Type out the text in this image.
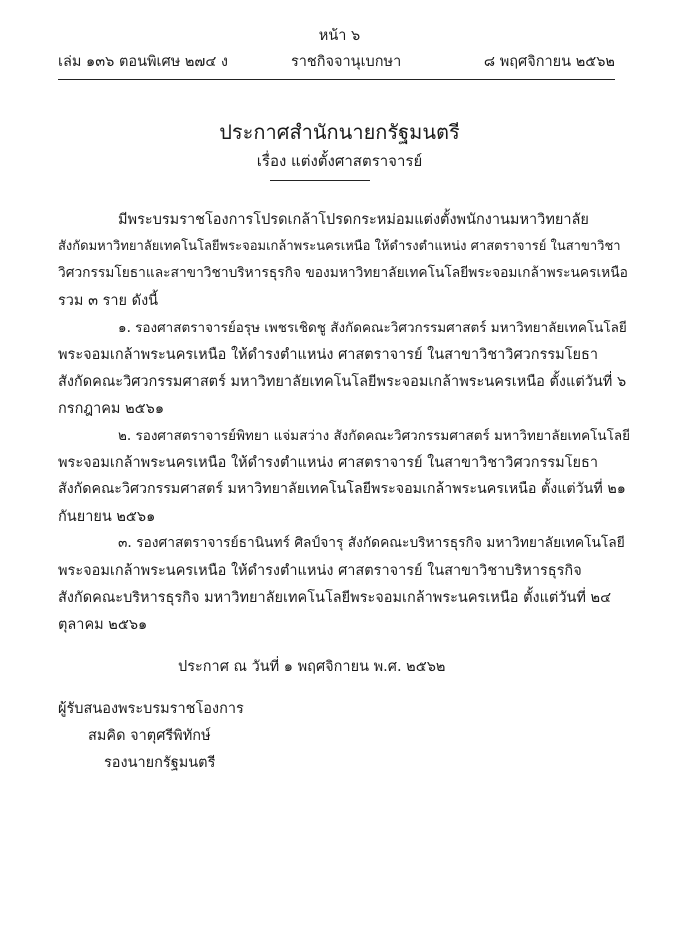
หน้า ๖
เล่ม ๑๓๖ ตอนพิเศษ ๒๗๔ ง	ราชกิจจานุเบกษา	๘ พฤศจิกายน ๒๕๖๒
ประกาศสำนักนายกรัฐมนตรี
เรื่อง แต่งตั้งศาสตราจารย์
มีพระบรมราชโองการโปรดเกล้าโปรดกระหม่อมแต่งตั้งพนักงานมหาวิทยาลัย
สังกัดมหาวิทยาลัยเทคโนโลยีพระจอมเกล้าพระนครเหนือ ให้ดำรงตำแหน่ง ศาสตราจารย์ ในสาขาวิชา
วิศวกรรมโยธาและสาขาวิชาบริหารธุรกิจ ของมหาวิทยาลัยเทคโนโลยีพระจอมเกล้าพระนครเหนือ
รวม ๓ ราย ดังนี้
๑. รองศาสตราจารย์อรุษ เพชรเชิดชู สังกัดคณะวิศวกรรมศาสตร์ มหาวิทยาลัยเทคโนโลยี
พระจอมเกล้าพระนครเหนือ ให้ดำรงตำแหน่ง ศาสตราจารย์ ในสาขาวิชาวิศวกรรมโยธา
สังกัดคณะวิศวกรรมศาสตร์ มหาวิทยาลัยเทคโนโลยีพระจอมเกล้าพระนครเหนือ ตั้งแต่วันที่ ๖
กรกฎาคม ๒๕๖๑
๒. รองศาสตราจารย์พิทยา แจ่มสว่าง สังกัดคณะวิศวกรรมศาสตร์ มหาวิทยาลัยเทคโนโลยี
พระจอมเกล้าพระนครเหนือ ให้ดำรงตำแหน่ง ศาสตราจารย์ ในสาขาวิชาวิศวกรรมโยธา
สังกัดคณะวิศวกรรมศาสตร์ มหาวิทยาลัยเทคโนโลยีพระจอมเกล้าพระนครเหนือ ตั้งแต่วันที่ ๒๑
กันยายน ๒๕๖๑
๓. รองศาสตราจารย์ธานินทร์ ศิลป์จารุ สังกัดคณะบริหารธุรกิจ มหาวิทยาลัยเทคโนโลยี
พระจอมเกล้าพระนครเหนือ ให้ดำรงตำแหน่ง ศาสตราจารย์ ในสาขาวิชาบริหารธุรกิจ
สังกัดคณะบริหารธุรกิจ มหาวิทยาลัยเทคโนโลยีพระจอมเกล้าพระนครเหนือ ตั้งแต่วันที่ ๒๔
ตุลาคม ๒๕๖๑
ประกาศ ณ วันที่ ๑ พฤศจิกายน พ.ศ. ๒๕๖๒
ผู้รับสนองพระบรมราชโองการ
สมคิด จาตุศรีพิทักษ์
รองนายกรัฐมนตรี
